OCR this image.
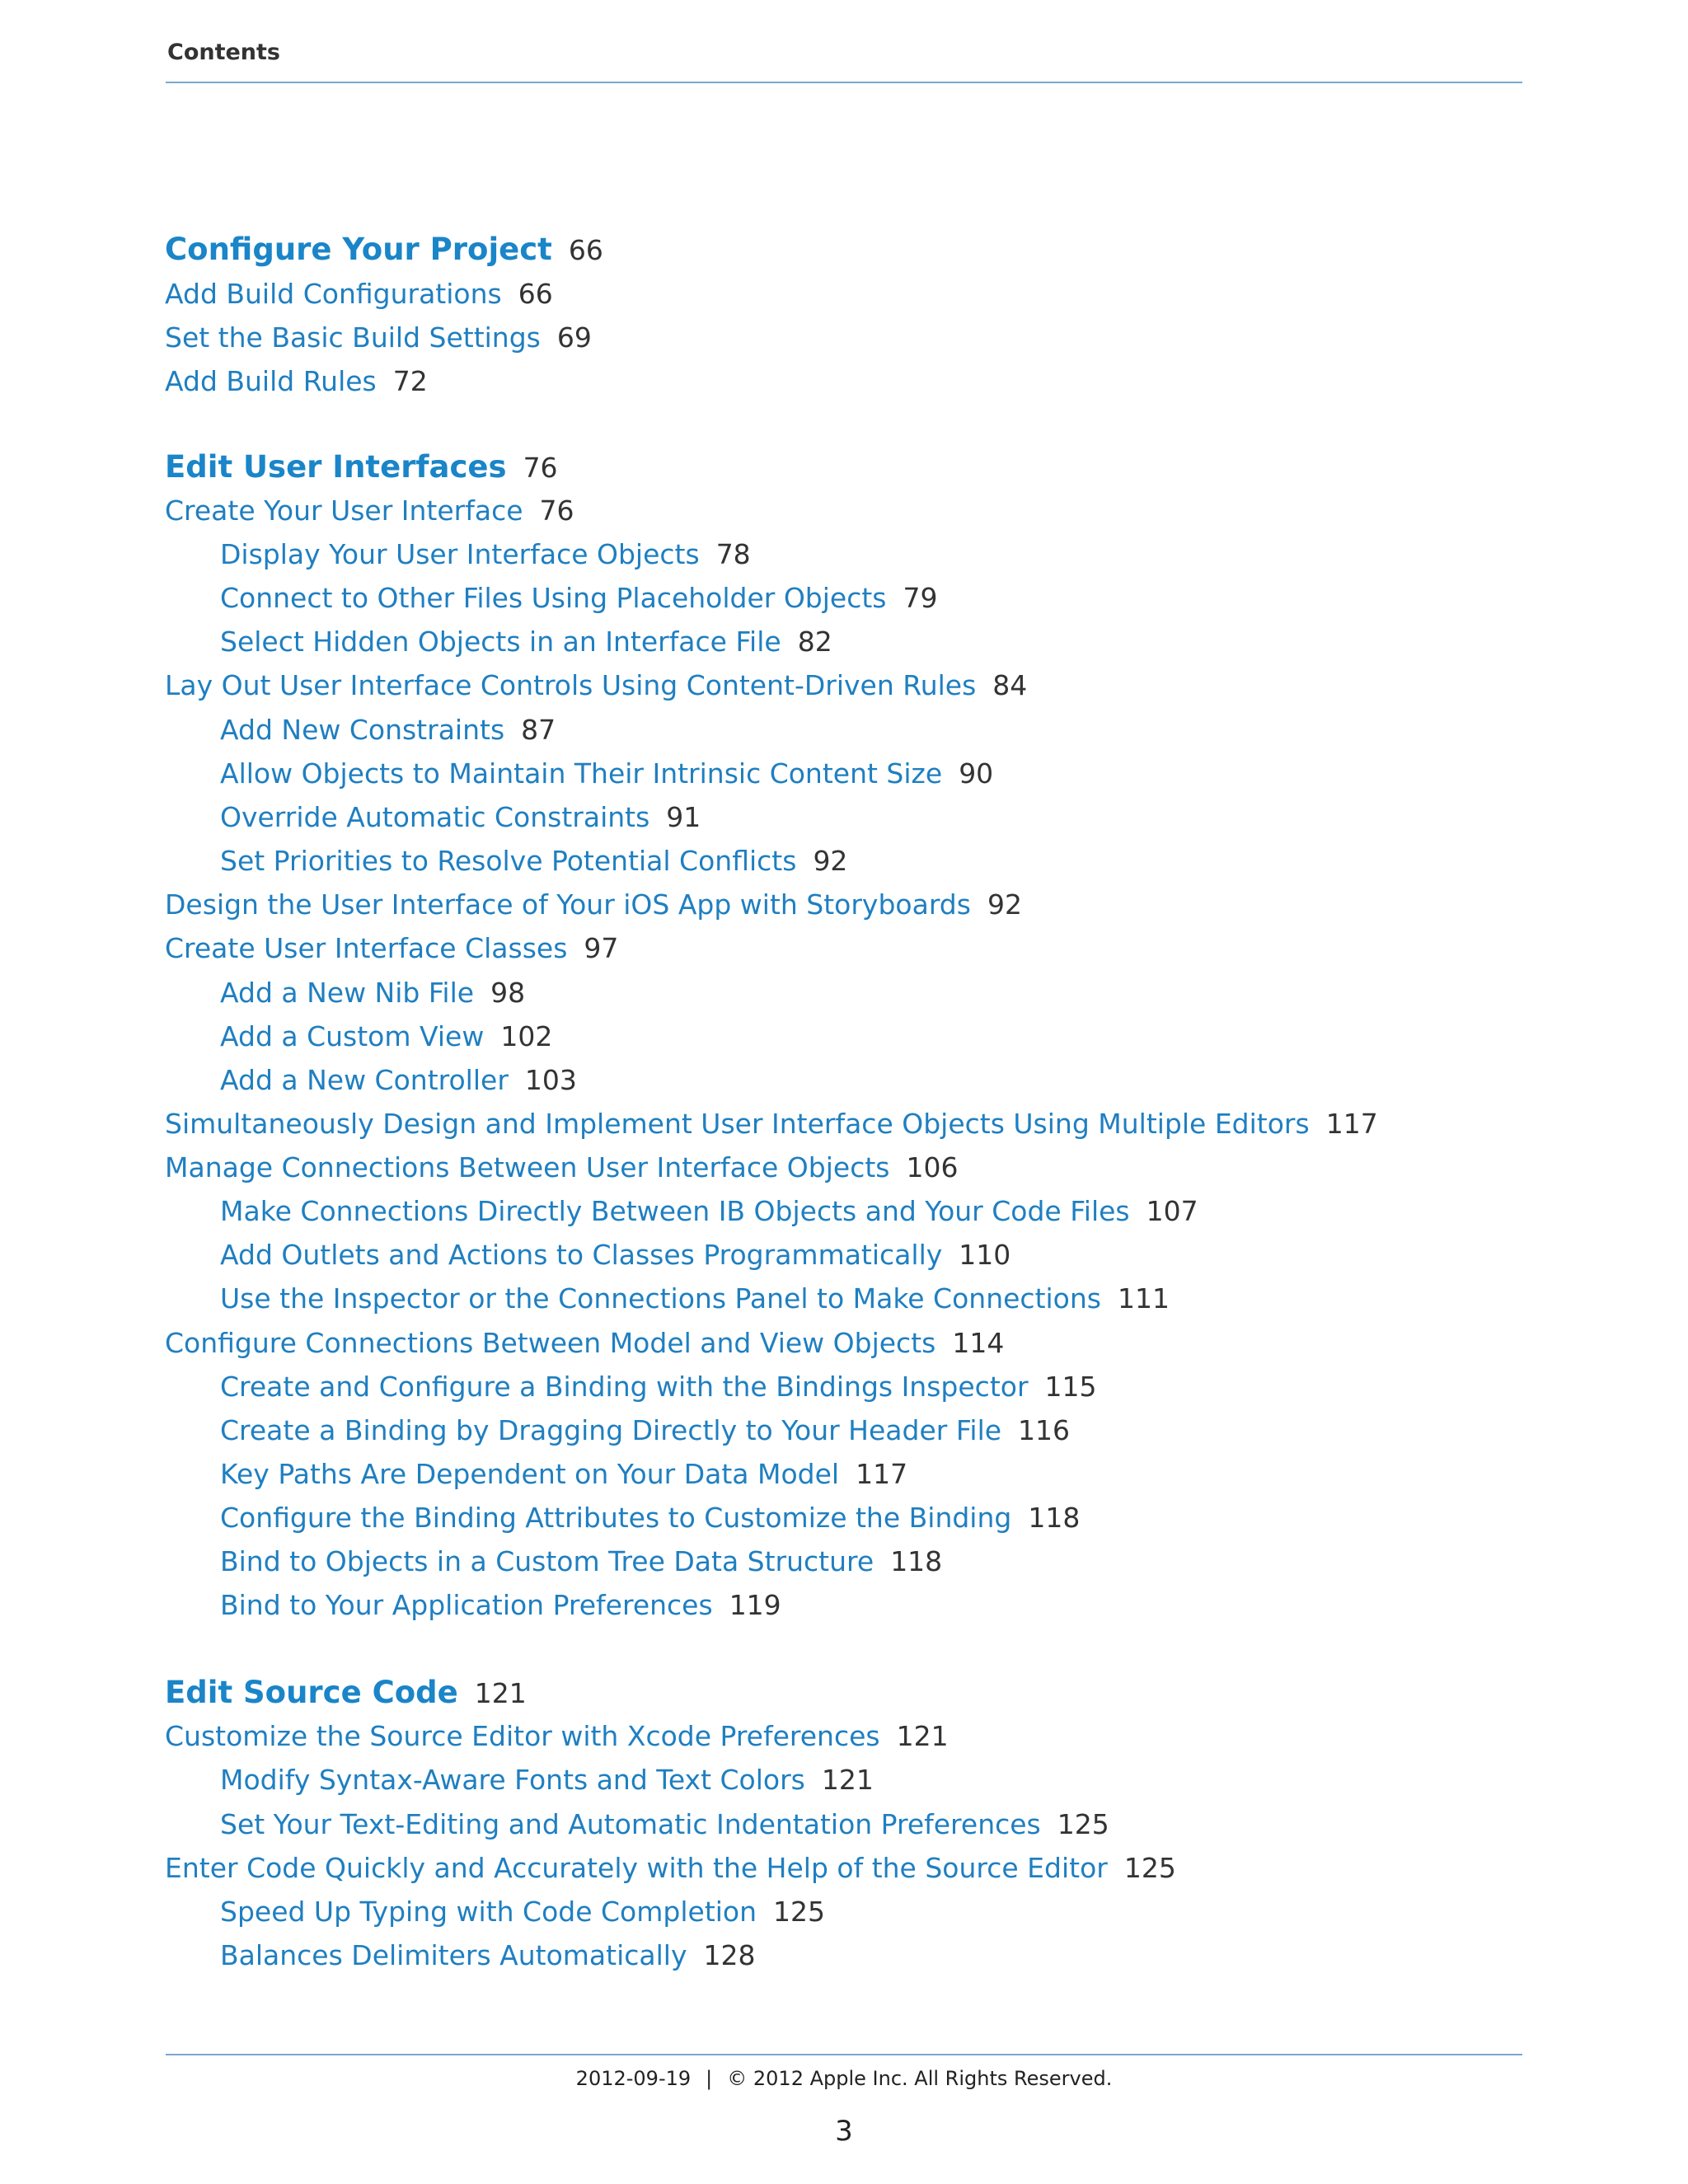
Contents
Configure Your Project 66
Add Build Configurations 66
Set the Basic Build Settings 69
Add Build Rules 72
Edit User Interfaces 76
Create Your User Interface 76
Display Your User Interface Objects 78
Connect to Other Files Using Placeholder Objects 79
Select Hidden Objects in an Interface File 82
Lay Out User Interface Controls Using Content-Driven Rules 84
Add New Constraints 87
Allow Objects to Maintain Their Intrinsic Content Size 90
Override Automatic Constraints 91
Set Priorities to Resolve Potential Conflicts 92
Design the User Interface of Your iOS App with Storyboards 92
Create User Interface Classes 97
Add a New Nib File 98
Add a Custom View 102
Add a New Controller 103
Simultaneously Design and Implement User Interface Objects Using Multiple Editors 117
Manage Connections Between User Interface Objects 106
Make Connections Directly Between IB Objects and Your Code Files 107
Add Outlets and Actions to Classes Programmatically 110
Use the Inspector or the Connections Panel to Make Connections 111
Configure Connections Between Model and View Objects 114
Create and Configure a Binding with the Bindings Inspector 115
Create a Binding by Dragging Directly to Your Header File 116
Key Paths Are Dependent on Your Data Model 117
Configure the Binding Attributes to Customize the Binding 118
Bind to Objects in a Custom Tree Data Structure 118
Bind to Your Application Preferences 119
Edit Source Code 121
Customize the Source Editor with Xcode Preferences 121
Modify Syntax-Aware Fonts and Text Colors 121
Set Your Text-Editing and Automatic Indentation Preferences 125
Enter Code Quickly and Accurately with the Help of the Source Editor 125
Speed Up Typing with Code Completion 125
Balances Delimiters Automatically 128
2012-09-19 | © 2012 Apple Inc. All Rights Reserved.
3
